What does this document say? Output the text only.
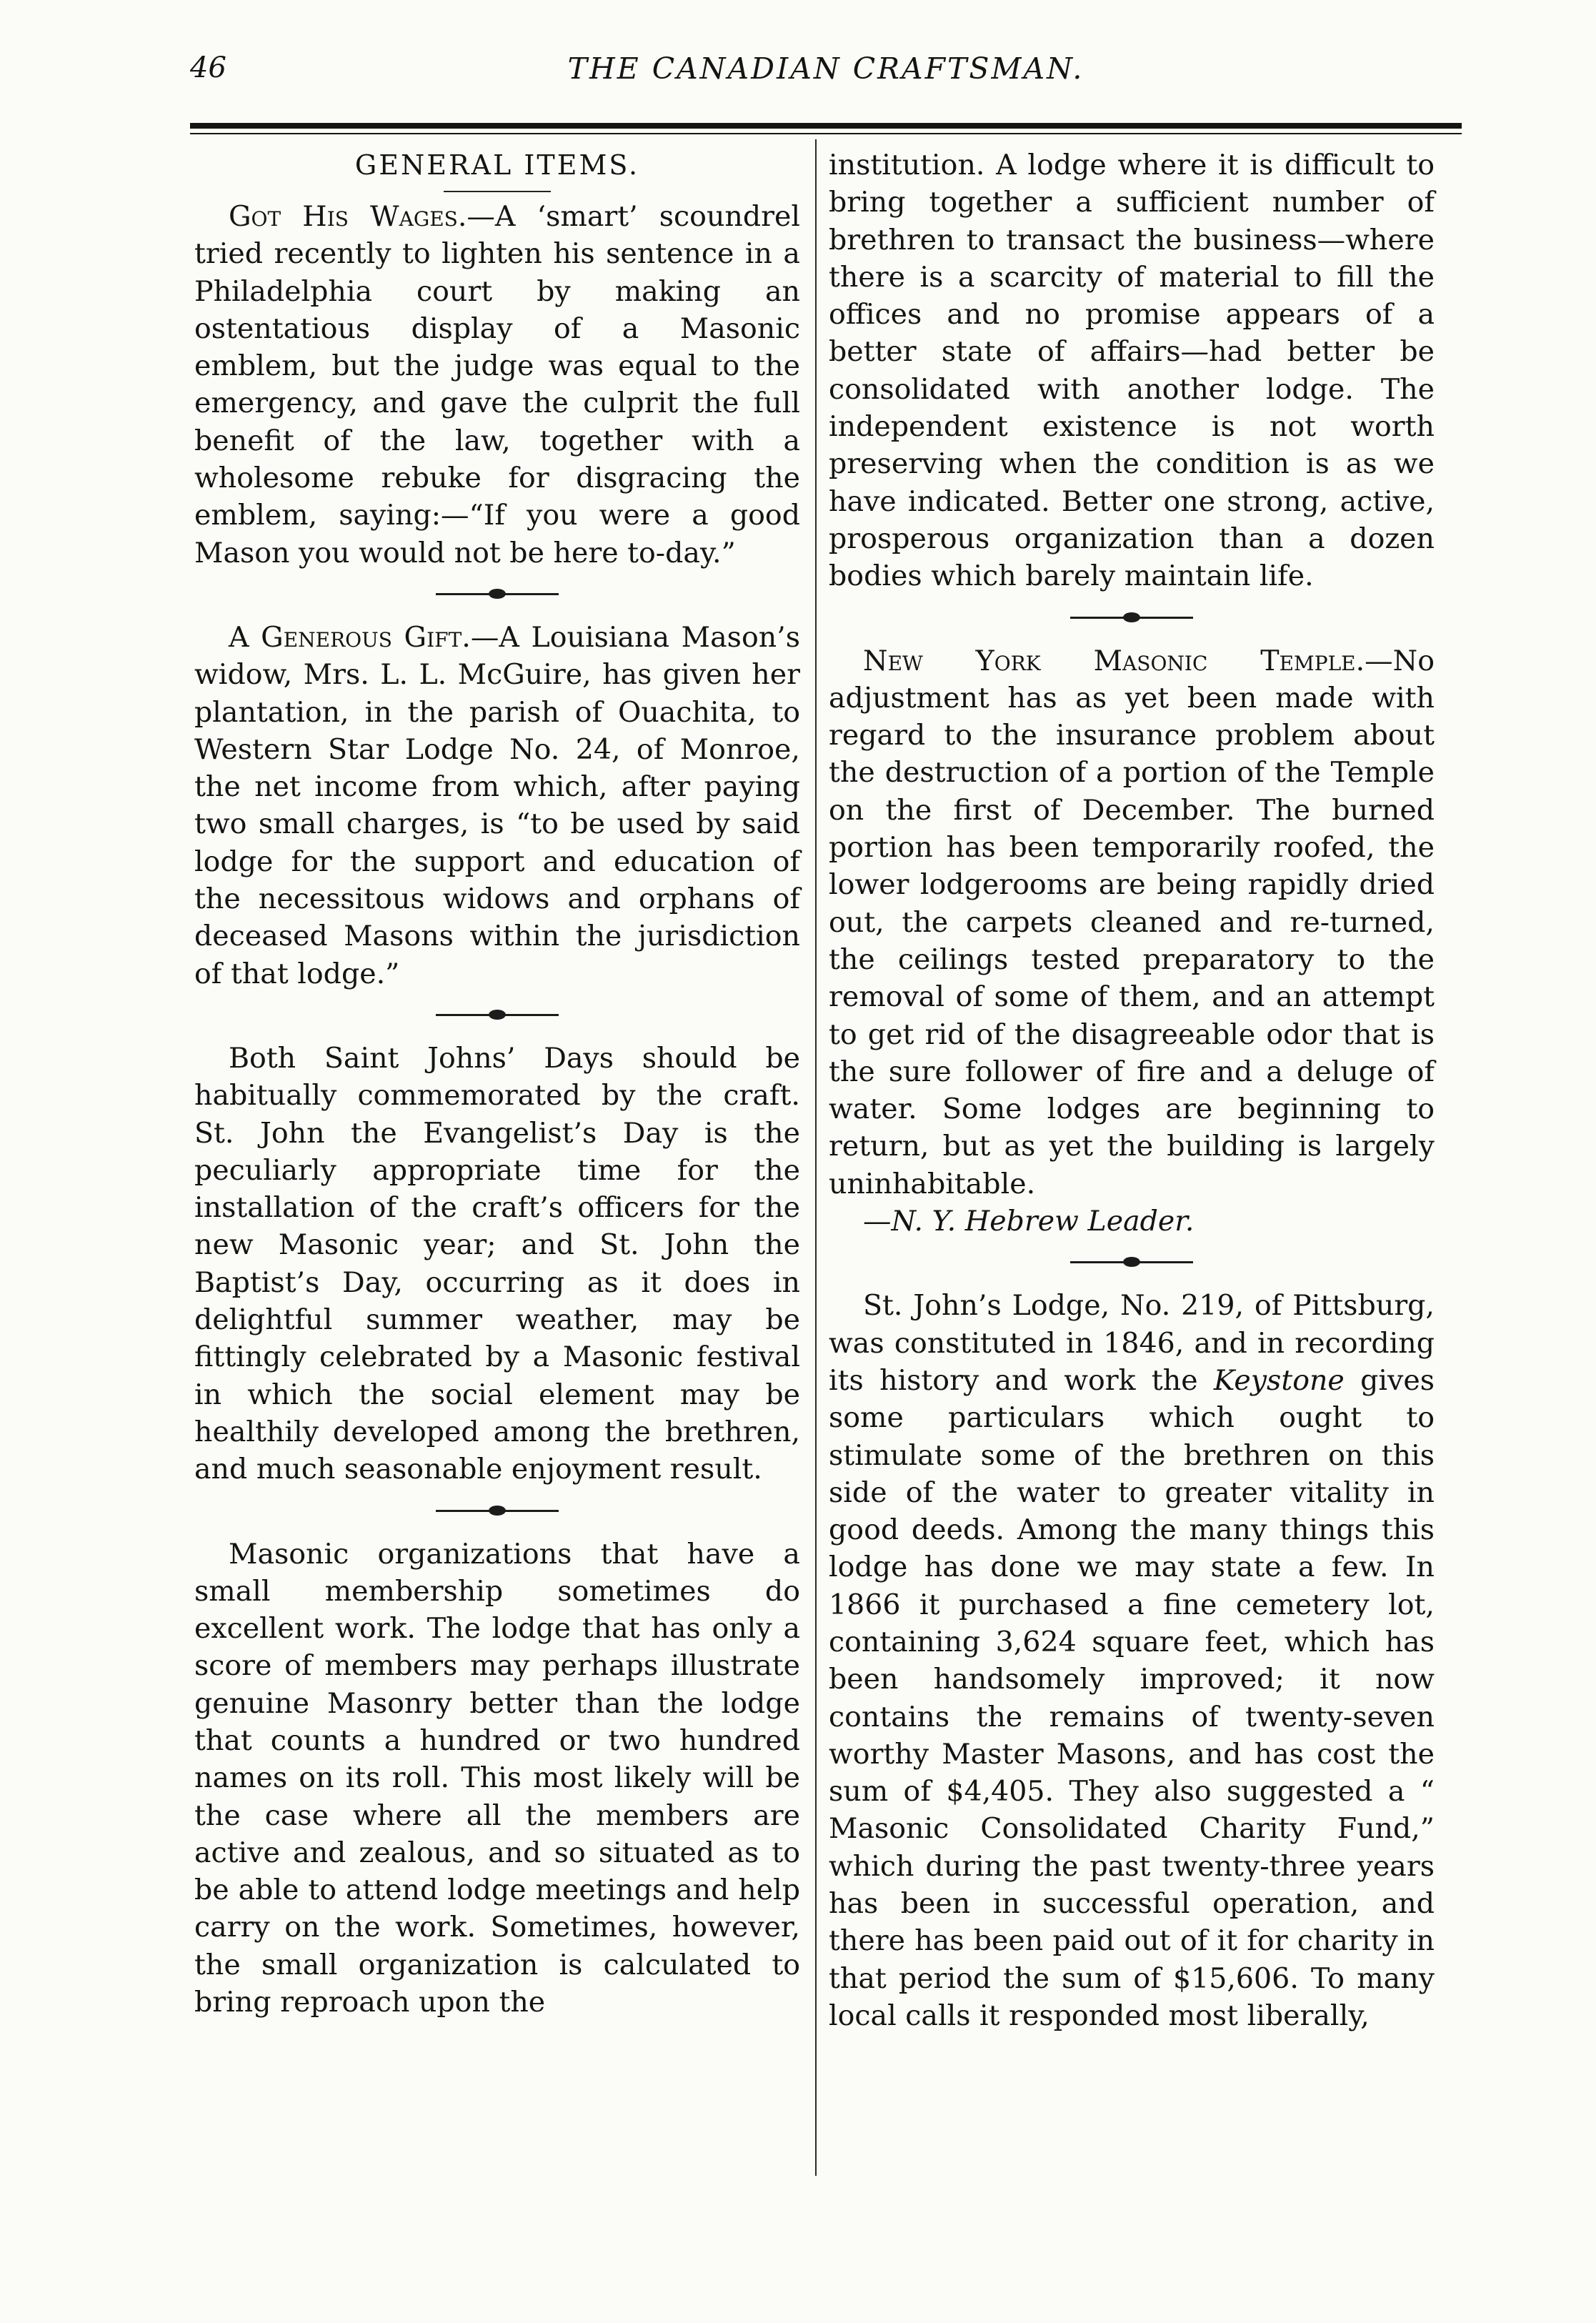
46	THE CANADIAN CRAFTSMAN.
GENERAL ITEMS.

Got His Wages.—A ‘smart’ scoundrel tried recently to lighten his sentence in a Philadelphia court by making an ostentatious display of a Masonic emblem, but the judge was equal to the emergency, and gave the culprit the full benefit of the law, together with a wholesome rebuke for disgracing the emblem, saying:—“If you were a good Mason you would not be here to-day.”

A Generous Gift.—A Louisiana Mason’s widow, Mrs. L. L. McGuire, has given her plantation, in the parish of Ouachita, to Western Star Lodge No. 24, of Monroe, the net income from which, after paying two small charges, is “to be used by said lodge for the support and education of the necessitous widows and orphans of deceased Masons within the jurisdiction of that lodge.”

Both Saint Johns’ Days should be habitually commemorated by the craft. St. John the Evangelist’s Day is the peculiarly appropriate time for the installation of the craft’s officers for the new Masonic year; and St. John the Baptist’s Day, occurring as it does in delightful summer weather, may be fittingly celebrated by a Masonic festival in which the social element may be healthily developed among the brethren, and much seasonable enjoyment result.

Masonic organizations that have a small membership sometimes do excellent work. The lodge that has only a score of members may perhaps illustrate genuine Masonry better than the lodge that counts a hundred or two hundred names on its roll. This most likely will be the case where all the members are active and zealous, and so situated as to be able to attend lodge meetings and help carry on the work. Sometimes, however, the small organization is calculated to bring reproach upon the

institution. A lodge where it is difficult to bring together a sufficient number of brethren to transact the business—where there is a scarcity of material to fill the offices and no promise appears of a better state of affairs—had better be consolidated with another lodge. The independent existence is not worth preserving when the condition is as we have indicated. Better one strong, active, prosperous organization than a dozen bodies which barely maintain life.

New York Masonic Temple.—No adjustment has as yet been made with regard to the insurance problem about the destruction of a portion of the Temple on the first of December. The burned portion has been temporarily roofed, the lower lodgerooms are being rapidly dried out, the carpets cleaned and re-turned, the ceilings tested preparatory to the removal of some of them, and an attempt to get rid of the disagreeable odor that is the sure follower of fire and a deluge of water. Some lodges are beginning to return, but as yet the building is largely uninhabitable.

—N. Y. Hebrew Leader.

St. John’s Lodge, No. 219, of Pittsburg, was constituted in 1846, and in recording its history and work the Keystone gives some particulars which ought to stimulate some of the brethren on this side of the water to greater vitality in good deeds. Among the many things this lodge has done we may state a few. In 1866 it purchased a fine cemetery lot, containing 3,624 square feet, which has been handsomely improved; it now contains the remains of twenty-seven worthy Master Masons, and has cost the sum of $4,405. They also suggested a “ Masonic Consolidated Charity Fund,” which during the past twenty-three years has been in successful operation, and there has been paid out of it for charity in that period the sum of $15,606. To many local calls it responded most liberally,
